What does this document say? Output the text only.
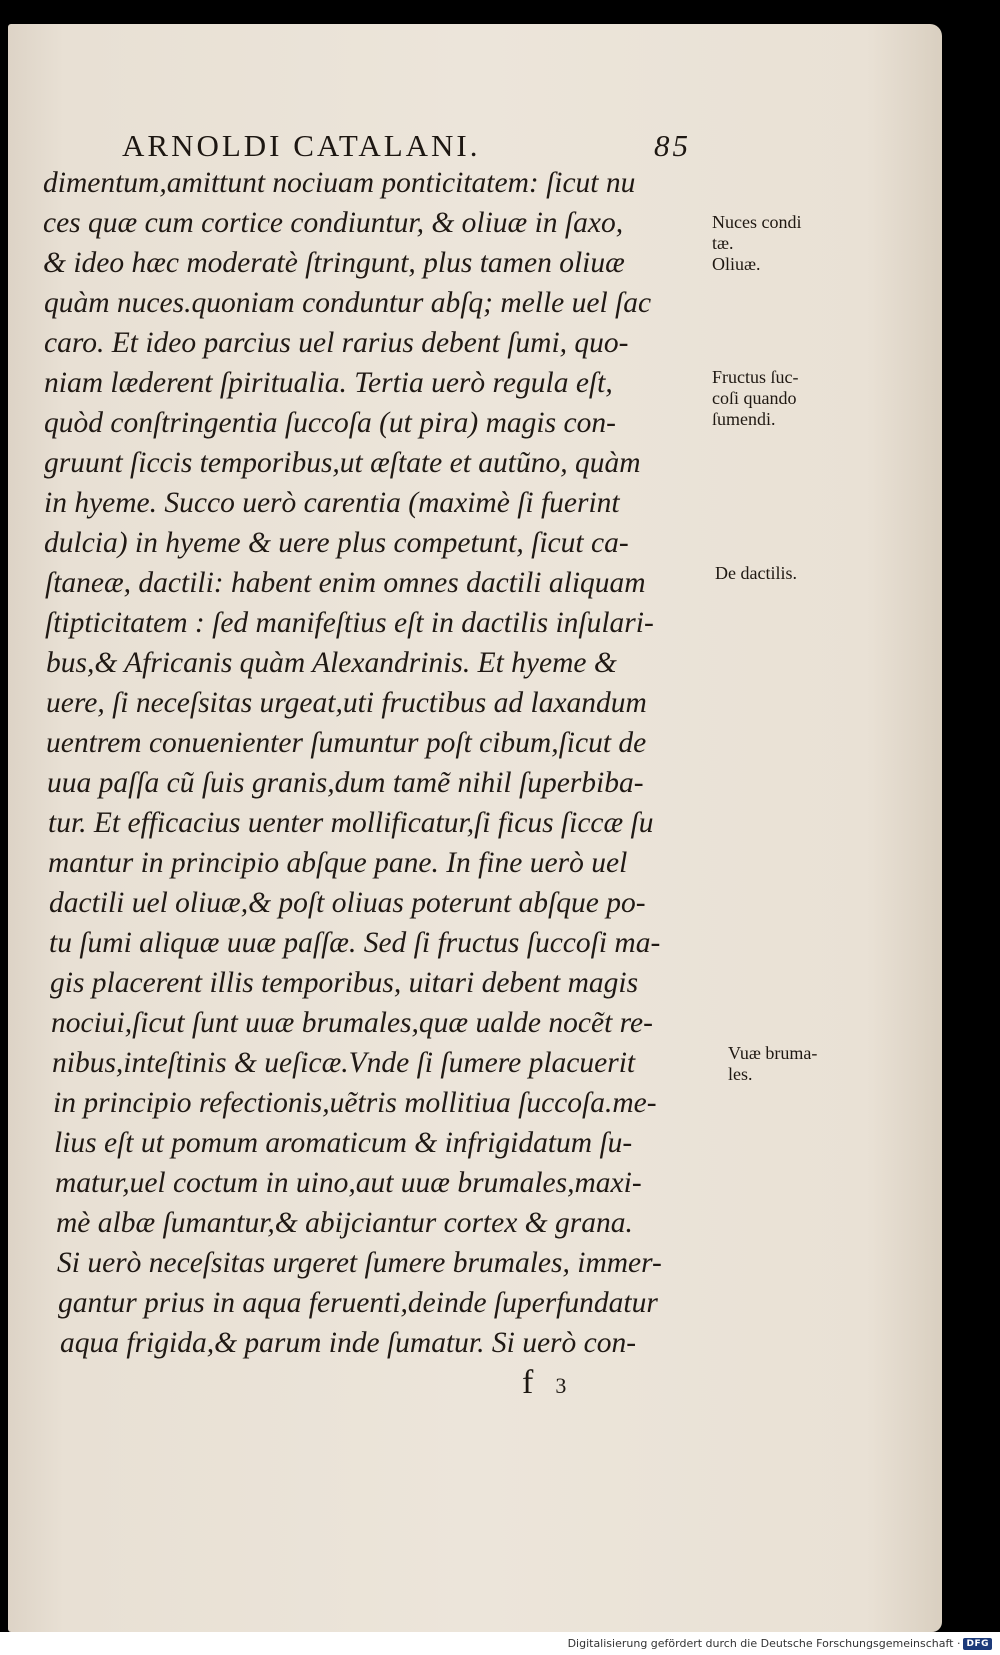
ARNOLDI CATALANI.	85
dimentum,amittunt nociuam ponticitatem: ſicut nu
ces quæ cum cortice condiuntur, & oliuæ in ſaxo,
& ideo hæc moderatè ſtringunt, plus tamen oliuæ
quàm nuces.quoniam conduntur abſq; melle uel ſac
caro. Et ideo parcius uel rarius debent ſumi, quo-
niam læderent ſpiritualia. Tertia uerò regula eſt,
quòd conſtringentia ſuccoſa (ut pira) magis con-
gruunt ſiccis temporibus,ut æſtate et autũno, quàm
in hyeme. Succo uerò carentia (maximè ſi fuerint
dulcia) in hyeme & uere plus competunt, ſicut ca-
ſtaneæ, dactili: habent enim omnes dactili aliquam
ſtipticitatem : ſed manifeſtius eſt in dactilis inſulari-
bus,& Africanis quàm Alexandrinis. Et hyeme &
uere, ſi neceſsitas urgeat,uti fructibus ad laxandum
uentrem conuenienter ſumuntur poſt cibum,ſicut de
uua paſſa cũ ſuis granis,dum tamẽ nihil ſuperbiba-
tur. Et efficacius uenter mollificatur,ſi ficus ſiccæ ſu
mantur in principio abſque pane. In fine uerò uel
dactili uel oliuæ,& poſt oliuas poterunt abſque po-
tu ſumi aliquæ uuæ paſſæ. Sed ſi fructus ſuccoſi ma-
gis placerent illis temporibus, uitari debent magis
nociui,ſicut ſunt uuæ brumales,quæ ualde nocẽt re-
nibus,inteſtinis & ueſicæ.Vnde ſi ſumere placuerit
in principio refectionis,uẽtris mollitiua ſuccoſa.me-
lius eſt ut pomum aromaticum & infrigidatum ſu-
matur,uel coctum in uino,aut uuæ brumales,maxi-
mè albæ ſumantur,& abijciantur cortex & grana.
Si uerò neceſsitas urgeret ſumere brumales, immer-
gantur prius in aqua feruenti,deinde ſuperfundatur
aqua frigida,& parum inde ſumatur. Si uerò con-
Nuces condi
tæ.
Oliuæ.
Fructus ſuc-
coſi quando
ſumendi.
De dactilis.
Vuæ bruma-
les.
f 3
Digitalisierung gefördert durch die Deutsche Forschungsgemeinschaft · DFG
